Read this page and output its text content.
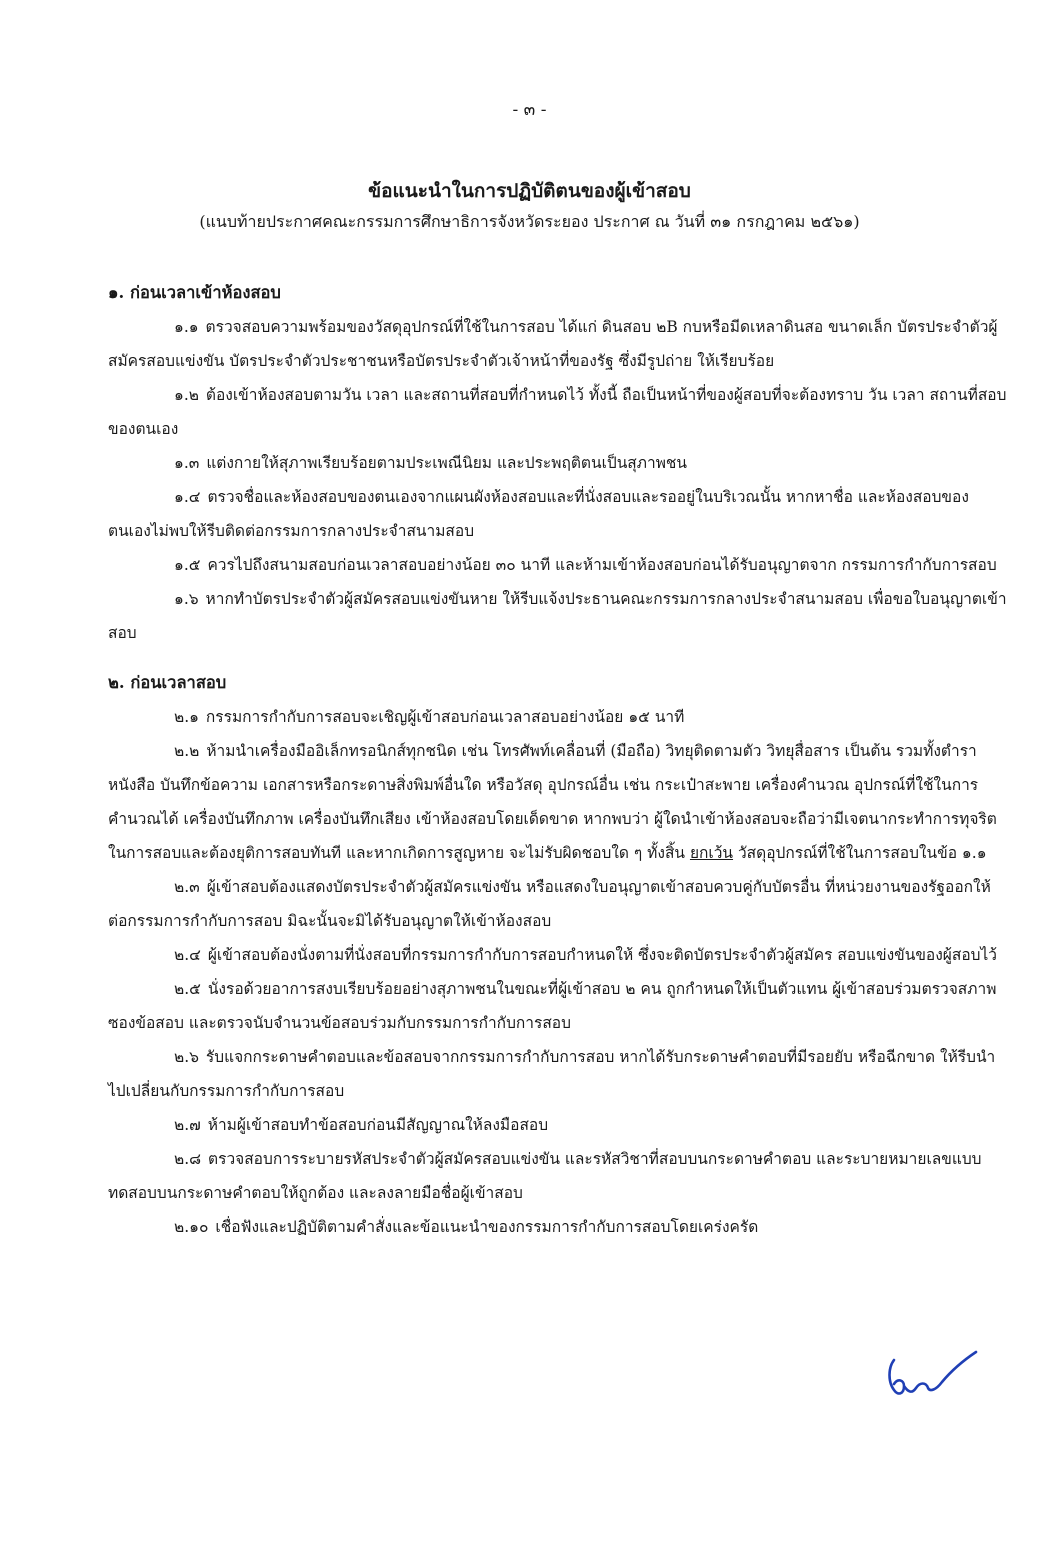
- ๓ -
ข้อแนะนำในการปฏิบัติตนของผู้เข้าสอบ
(แนบท้ายประกาศคณะกรรมการศึกษาธิการจังหวัดระยอง ประกาศ ณ วันที่ ๓๑ กรกฎาคม ๒๕๖๑)

๑. ก่อนเวลาเข้าห้องสอบ

๑.๑ ตรวจสอบความพร้อมของวัสดุอุปกรณ์ที่ใช้ในการสอบ ได้แก่ ดินสอบ ๒B กบหรือมีดเหลาดินสอ ขนาดเล็ก บัตรประจำตัวผู้สมัครสอบแข่งขัน บัตรประจำตัวประชาชนหรือบัตรประจำตัวเจ้าหน้าที่ของรัฐ ซึ่งมีรูปถ่าย ให้เรียบร้อย

๑.๒ ต้องเข้าห้องสอบตามวัน เวลา และสถานที่สอบที่กำหนดไว้ ทั้งนี้ ถือเป็นหน้าที่ของผู้สอบที่จะต้องทราบ วัน เวลา สถานที่สอบของตนเอง

๑.๓ แต่งกายให้สุภาพเรียบร้อยตามประเพณีนิยม และประพฤติตนเป็นสุภาพชน

๑.๔ ตรวจชื่อและห้องสอบของตนเองจากแผนผังห้องสอบและที่นั่งสอบและรออยู่ในบริเวณนั้น หากหาชื่อ และห้องสอบของตนเองไม่พบให้รีบติดต่อกรรมการกลางประจำสนามสอบ

๑.๕ ควรไปถึงสนามสอบก่อนเวลาสอบอย่างน้อย ๓๐ นาที และห้ามเข้าห้องสอบก่อนได้รับอนุญาตจาก กรรมการกำกับการสอบ

๑.๖ หากทำบัตรประจำตัวผู้สมัครสอบแข่งขันหาย ให้รีบแจ้งประธานคณะกรรมการกลางประจำสนามสอบ เพื่อขอใบอนุญาตเข้าสอบ

๒. ก่อนเวลาสอบ

๒.๑ กรรมการกำกับการสอบจะเชิญผู้เข้าสอบก่อนเวลาสอบอย่างน้อย ๑๕ นาที

๒.๒ ห้ามนำเครื่องมืออิเล็กทรอนิกส์ทุกชนิด เช่น โทรศัพท์เคลื่อนที่ (มือถือ) วิทยุติดตามตัว วิทยุสื่อสาร เป็นต้น รวมทั้งตำรา หนังสือ บันทึกข้อความ เอกสารหรือกระดาษสิ่งพิมพ์อื่นใด หรือวัสดุ อุปกรณ์อื่น เช่น กระเป๋าสะพาย เครื่องคำนวณ อุปกรณ์ที่ใช้ในการคำนวณได้ เครื่องบันทึกภาพ เครื่องบันทึกเสียง เข้าห้องสอบโดยเด็ดขาด หากพบว่า ผู้ใดนำเข้าห้องสอบจะถือว่ามีเจตนากระทำการทุจริตในการสอบและต้องยุติการสอบทันที และหากเกิดการสูญหาย จะไม่รับผิดชอบใด ๆ ทั้งสิ้น ยกเว้น วัสดุอุปกรณ์ที่ใช้ในการสอบในข้อ ๑.๑

๒.๓ ผู้เข้าสอบต้องแสดงบัตรประจำตัวผู้สมัครแข่งขัน หรือแสดงใบอนุญาตเข้าสอบควบคู่กับบัตรอื่น ที่หน่วยงานของรัฐออกให้ต่อกรรมการกำกับการสอบ มิฉะนั้นจะมิได้รับอนุญาตให้เข้าห้องสอบ

๒.๔ ผู้เข้าสอบต้องนั่งตามที่นั่งสอบที่กรรมการกำกับการสอบกำหนดให้ ซึ่งจะติดบัตรประจำตัวผู้สมัคร สอบแข่งขันของผู้สอบไว้

๒.๕ นั่งรอด้วยอาการสงบเรียบร้อยอย่างสุภาพชนในขณะที่ผู้เข้าสอบ ๒ คน ถูกกำหนดให้เป็นตัวแทน ผู้เข้าสอบร่วมตรวจสภาพซองข้อสอบ และตรวจนับจำนวนข้อสอบร่วมกับกรรมการกำกับการสอบ

๒.๖ รับแจกกระดาษคำตอบและข้อสอบจากกรรมการกำกับการสอบ หากได้รับกระดาษคำตอบที่มีรอยยับ หรือฉีกขาด ให้รีบนำไปเปลี่ยนกับกรรมการกำกับการสอบ

๒.๗ ห้ามผู้เข้าสอบทำข้อสอบก่อนมีสัญญาณให้ลงมือสอบ

๒.๘ ตรวจสอบการระบายรหัสประจำตัวผู้สมัครสอบแข่งขัน และรหัสวิชาที่สอบบนกระดาษคำตอบ และระบายหมายเลขแบบทดสอบบนกระดาษคำตอบให้ถูกต้อง และลงลายมือชื่อผู้เข้าสอบ

๒.๑๐ เชื่อฟังและปฏิบัติตามคำสั่งและข้อแนะนำของกรรมการกำกับการสอบโดยเคร่งครัด
